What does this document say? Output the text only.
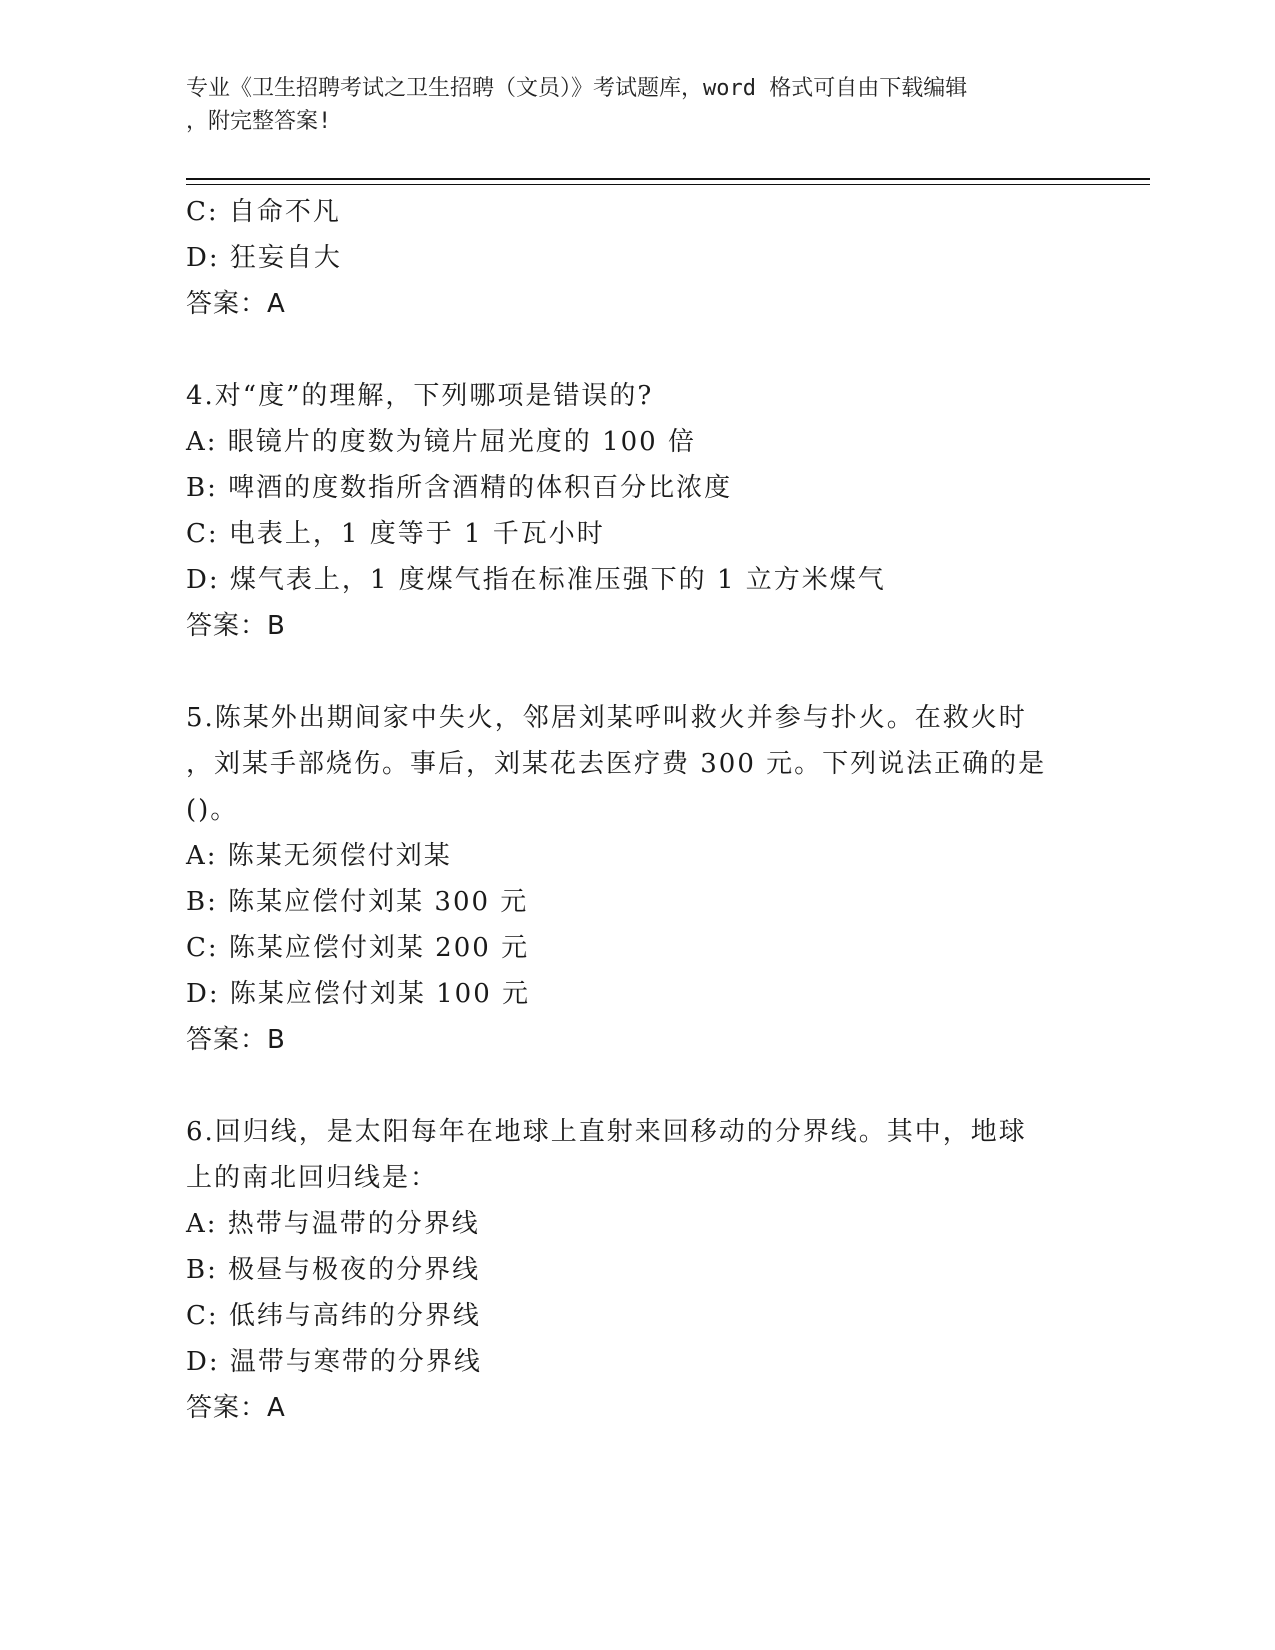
专业《卫生招聘考试之卫生招聘（文员）》考试题库，word 格式可自由下载编辑
，附完整答案!
C: 自命不凡
D: 狂妄自大
答案：A
4.对“度”的理解，下列哪项是错误的?
A: 眼镜片的度数为镜片屈光度的 100 倍
B: 啤酒的度数指所含酒精的体积百分比浓度
C: 电表上，1 度等于 1 千瓦小时
D: 煤气表上，1 度煤气指在标准压强下的 1 立方米煤气
答案：B
5.陈某外出期间家中失火，邻居刘某呼叫救火并参与扑火。在救火时
，刘某手部烧伤。事后，刘某花去医疗费 300 元。下列说法正确的是
()。
A: 陈某无须偿付刘某
B: 陈某应偿付刘某 300 元
C: 陈某应偿付刘某 200 元
D: 陈某应偿付刘某 100 元
答案：B
6.回归线，是太阳每年在地球上直射来回移动的分界线。其中，地球
上的南北回归线是：
A: 热带与温带的分界线
B: 极昼与极夜的分界线
C: 低纬与高纬的分界线
D: 温带与寒带的分界线
答案：A
